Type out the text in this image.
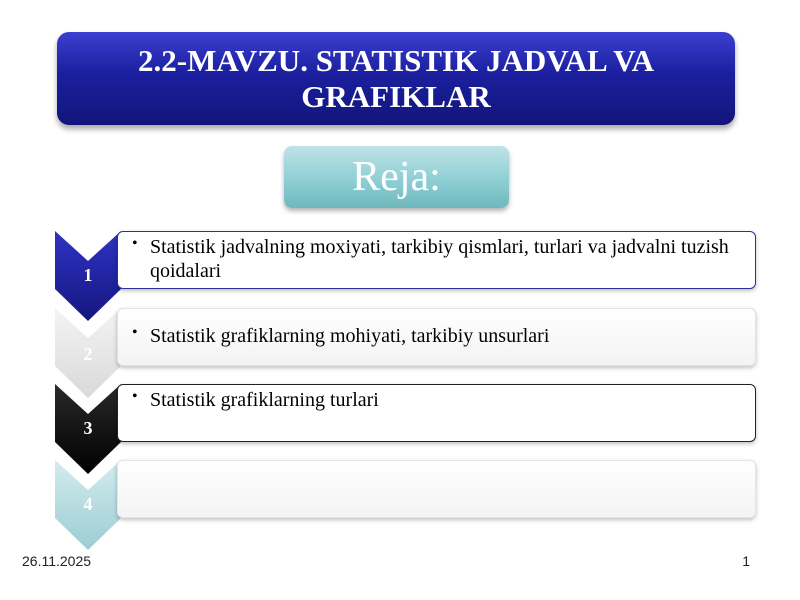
2.2-MAVZU. STATISTIK JADVAL VA GRAFIKLAR
Reja:
1
• Statistik jadvalning moxiyati, tarkibiy qismlari, turlari va jadvalni tuzish qoidalari
2
• Statistik grafiklarning mohiyati, tarkibiy unsurlari
3
• Statistik grafiklarning turlari
4
26.11.2025	1
